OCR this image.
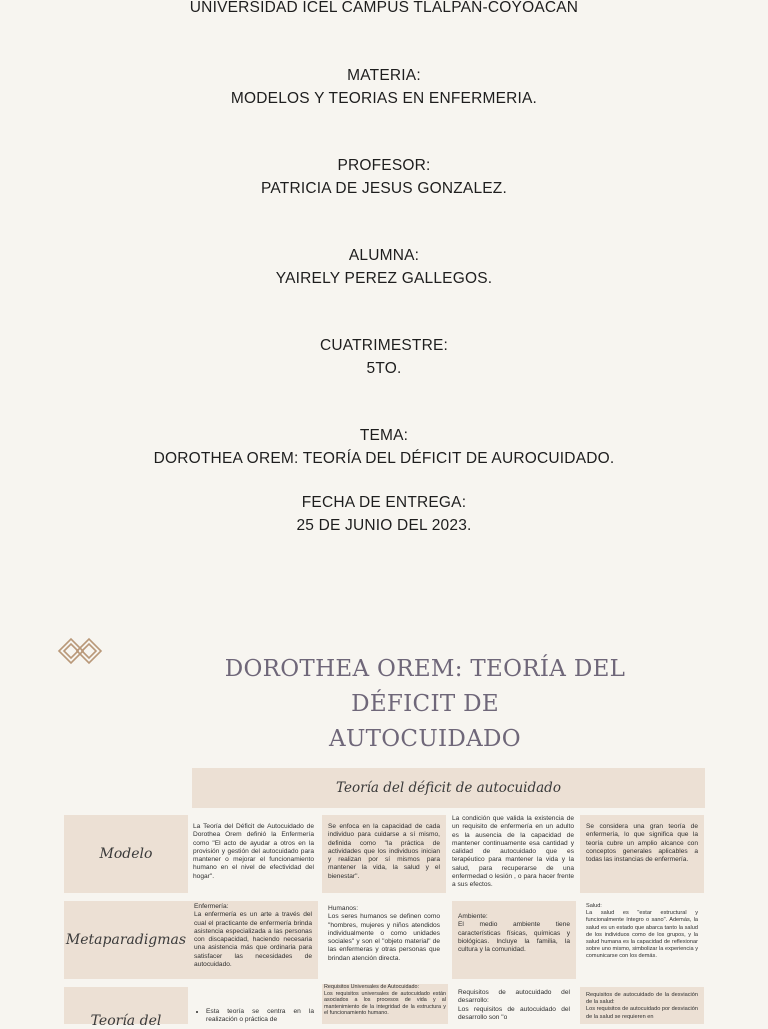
UNIVERSIDAD ICEL CAMPUS TLALPAN-COYOACAN
MATERIA:
MODELOS Y TEORIAS EN ENFERMERIA.
PROFESOR:
PATRICIA DE JESUS GONZALEZ.
ALUMNA:
YAIRELY PEREZ GALLEGOS.
CUATRIMESTRE:
5TO.
TEMA:
DOROTHEA OREM: TEORÍA DEL DÉFICIT DE AUROCUIDADO.
FECHA DE ENTREGA:
25 DE JUNIO DEL 2023.
DOROTHEA OREM: TEORÍA DEL DÉFICIT DE
AUTOCUIDADO
Teoría del déficit de autocuidado
Modelo
La Teoría del Déficit de Autocuidado de Dorothea Orem definió la Enfermería como "El acto de ayudar a otros en la provisión y gestión del autocuidado para mantener o mejorar el funcionamiento humano en el nivel de efectividad del hogar".
Se enfoca en la capacidad de cada individuo para cuidarse a sí mismo, definida como "la práctica de actividades que los individuos inician y realizan por sí mismos para mantener la vida, la salud y el bienestar".
La condición que valida la existencia de un requisito de enfermería en un adulto es la ausencia de la capacidad de mantener continuamente esa cantidad y calidad de autocuidado que es terapéutico para mantener la vida y la salud, para recuperarse de una enfermedad o lesión , o para hacer frente a sus efectos.
Se considera una gran teoría de enfermería, lo que significa que la teoría cubre un amplio alcance con conceptos generales aplicables a todas las instancias de enfermería.
Metaparadigmas
Enfermería:
La enfermería es un arte a través del cual el practicante de enfermería brinda asistencia especializada a las personas con discapacidad, haciendo necesaria una asistencia más que ordinaria para satisfacer las necesidades de autocuidado.
Humanos:
Los seres humanos se definen como "hombres, mujeres y niños atendidos individualmente o como unidades sociales" y son el "objeto material" de las enfermeras y otras personas que brindan atención directa.
Ambiente:
El medio ambiente tiene características físicas, químicas y biológicas. Incluye la familia, la cultura y la comunidad.
Salud:
La salud es "estar estructural y funcionalmente íntegro o sano". Además, la salud es un estado que abarca tanto la salud de los individuos como de los grupos, y la salud humana es la capacidad de reflexionar sobre uno mismo, simbolizar la experiencia y comunicarse con los demás.
Teoría del
• Esta teoría se centra en la realización o práctica de
Requisitos Universales de Autocuidado:
Los requisitos universales de autocuidado están asociados a los procesos de vida y al mantenimiento de la integridad de la estructura y el funcionamiento humano.
Requisitos de autocuidado del desarrollo:
Los requisitos de autocuidado del desarrollo son "o
Requisitos de autocuidado de la desviación de la salud:
Los requisitos de autocuidado por desviación de la salud se requieren en
